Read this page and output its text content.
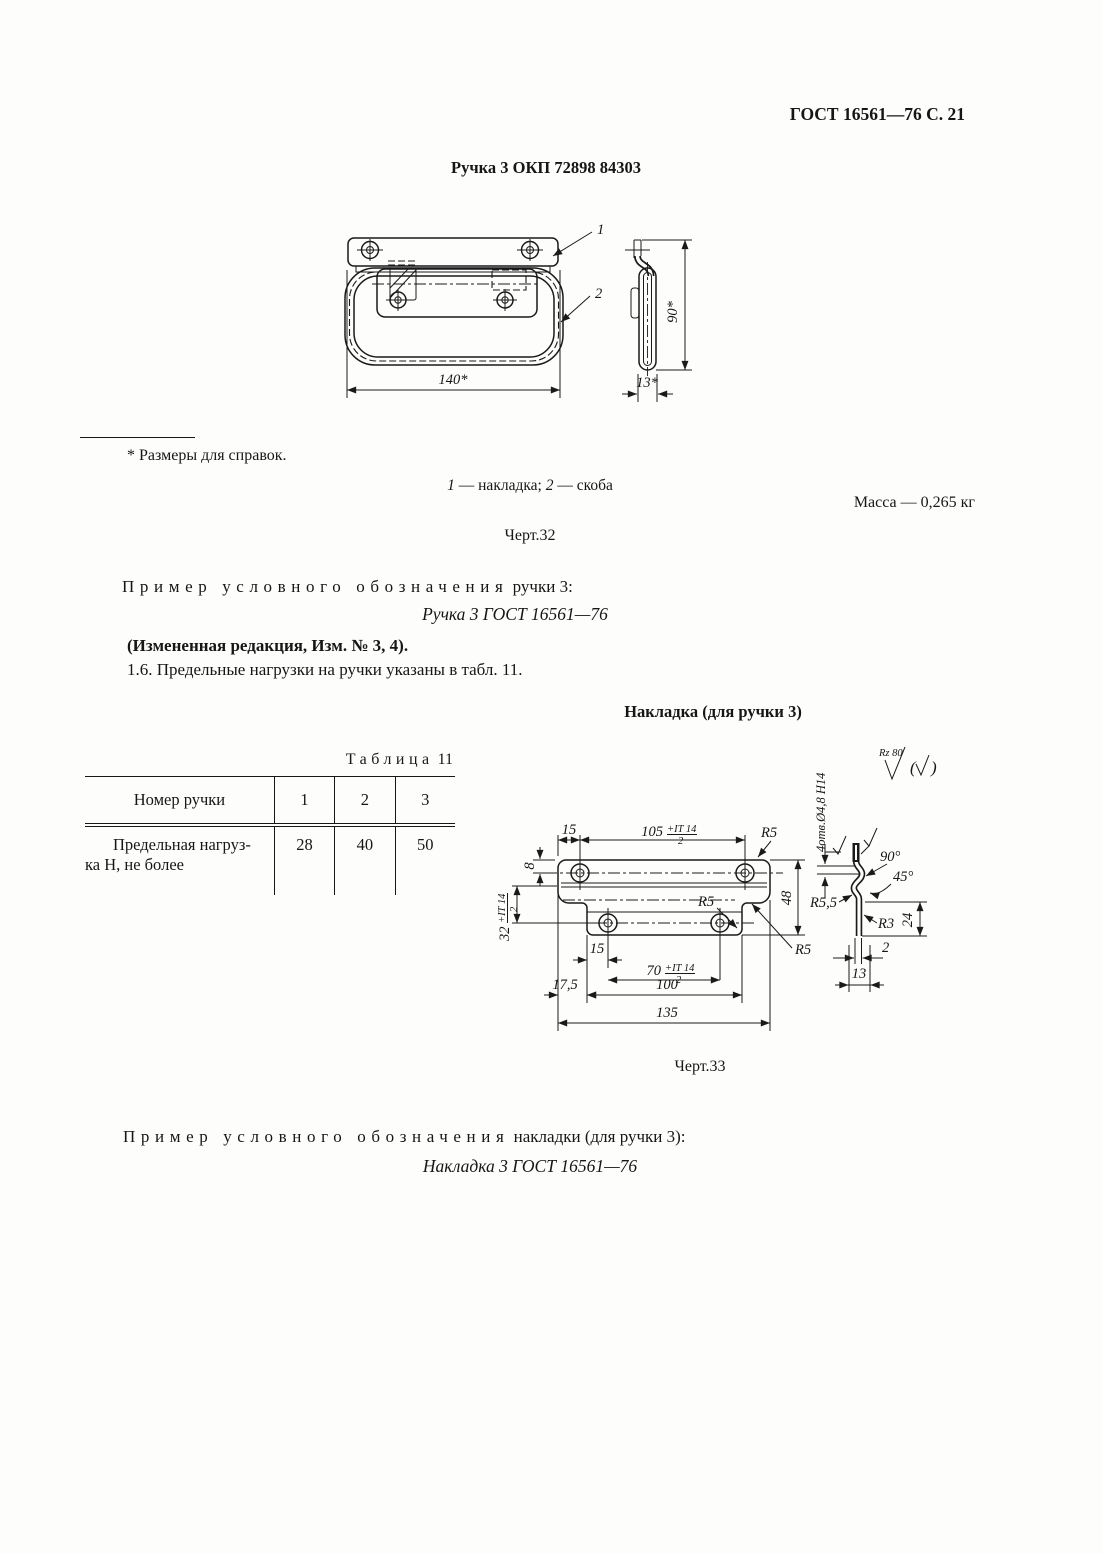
ГОСТ 16561—76 С. 21
Ручка 3 ОКП 72898 84303
140*
1
2
90*
13*
* Размеры для справок.
1 — накладка; 2 — скоба
Масса — 0,265 кг
Черт.32
Пример условного обозначения ручки 3:
Ручка 3 ГОСТ 16561—76
(Измененная редакция, Изм. № 3, 4).
1.6. Предельные нагрузки на ручки указаны в табл. 11.
Накладка (для ручки 3)
Таблица 11
Номер ручки	1	2	3

Предельная нагруз-
ка Н, не более	28	40	50
15	105 +IT 14
2
R5
8
32
+IT 14 2
48
R5
R5
15
70 +IT 14
2
17,5	100
135
4отв.Ø4,8 Н14
90°
45°
R5,5
R3 24
2
13
Rz 80
( )
Черт.33
Пример условного обозначения накладки (для ручки 3):
Накладка 3 ГОСТ 16561—76
